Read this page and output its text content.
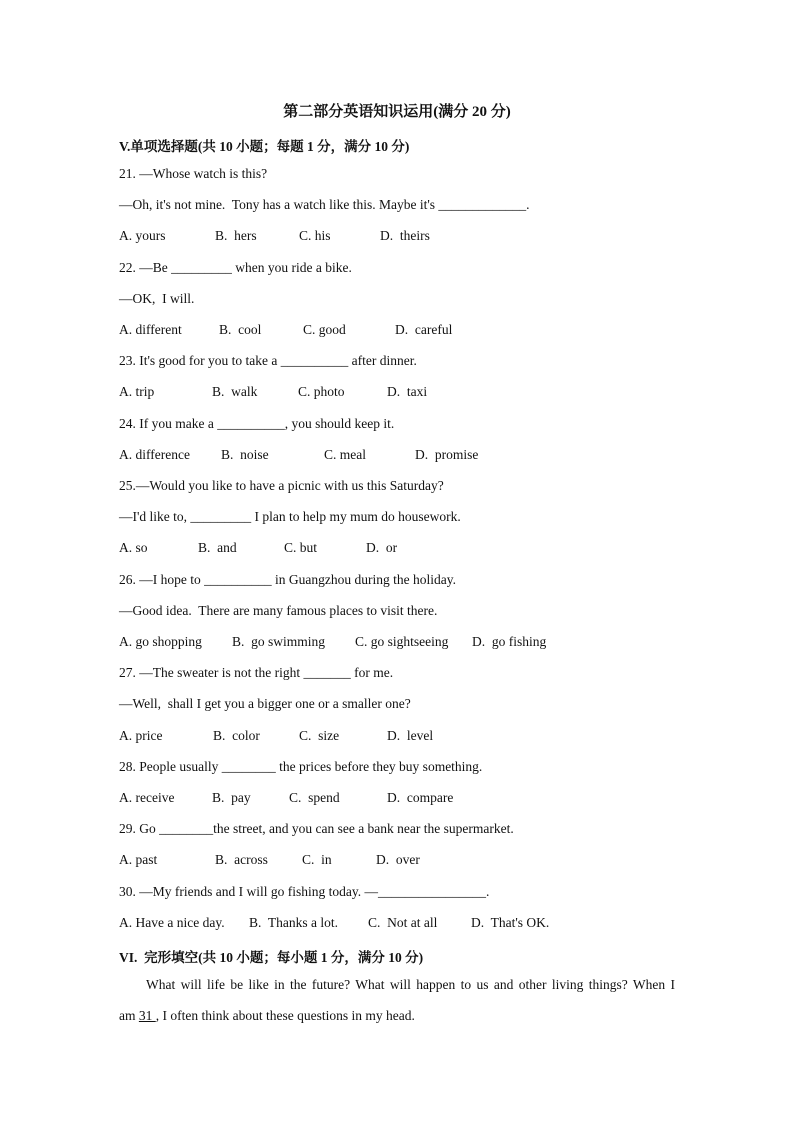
第二部分英语知识运用(满分 20 分)
V.单项选择题(共 10 小题；每题 1 分，满分 10 分)
21. —Whose watch is this?
—Oh, it's not mine.  Tony has a watch like this. Maybe it's _____________.
A. yours	B.  hers	C. his	D.  theirs
22. —Be _________ when you ride a bike.
—OK,  I will.
A. different	B.  cool	C. good	D.  careful
23. It's good for you to take a __________ after dinner.
A. trip	B.  walk	C. photo	D.  taxi
24. If you make a __________, you should keep it.
A. difference B.  noise	C. meal	D.  promise
25.—Would you like to have a picnic with us this Saturday?
—I'd like to, _________ I plan to help my mum do housework.
A. so	B.  and	C. but	D.  or
26. —I hope to __________ in Guangzhou during the holiday.
—Good idea.  There are many famous places to visit there.
A. go shopping B.  go swimming C. go sightseeing D.  go fishing
27. —The sweater is not the right _______ for me.
—Well,  shall I get you a bigger one or a smaller one?
A. price	B.  color	C.  size	D.  level
28. People usually ________ the prices before they buy something.
A. receive	B.  pay	C.  spend	D.  compare
29. Go ________the street, and you can see a bank near the supermarket.
A. past	B.  across	C.  in	D.  over
30. —My friends and I will go fishing today. —________________.
A. Have a nice day. B.  Thanks a lot. C.  Not at all D.  That's OK.
VI.  完形填空(共 10 小题；每小题 1 分，满分 10 分)
What will life be like in the future? What will happen to us and other living things? When I
am 31 , I often think about these questions in my head.
